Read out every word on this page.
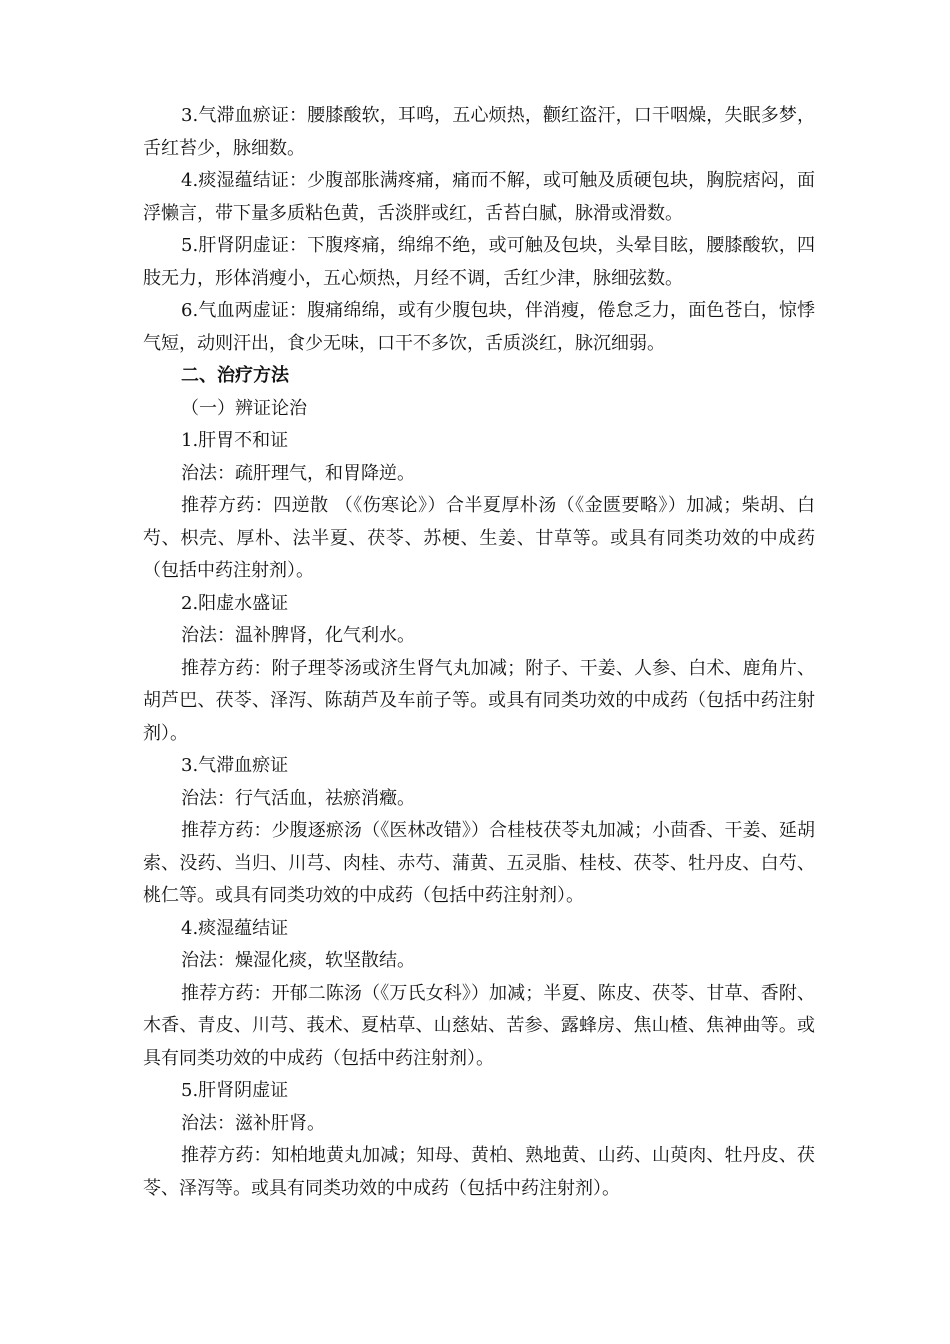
3.气滞血瘀证：腰膝酸软，耳鸣，五心烦热，颧红盗汗，口干咽燥，失眠多梦，舌红苔少，脉细数。

4.痰湿蕴结证：少腹部胀满疼痛，痛而不解，或可触及质硬包块，胸脘痞闷，面浮懒言，带下量多质粘色黄，舌淡胖或红，舌苔白腻，脉滑或滑数。

5.肝肾阴虚证：下腹疼痛，绵绵不绝，或可触及包块，头晕目眩，腰膝酸软，四肢无力，形体消瘦小，五心烦热，月经不调，舌红少津，脉细弦数。

6.气血两虚证：腹痛绵绵，或有少腹包块，伴消瘦，倦怠乏力，面色苍白，惊悸气短，动则汗出，食少无味，口干不多饮，舌质淡红，脉沉细弱。

二、治疗方法

（一）辨证论治

1.肝胃不和证

治法：疏肝理气，和胃降逆。

推荐方药：四逆散 （《伤寒论》）合半夏厚朴汤（《金匮要略》）加减；柴胡、白芍、枳壳、厚朴、法半夏、茯苓、苏梗、生姜、甘草等。或具有同类功效的中成药（包括中药注射剂）。

2.阳虚水盛证

治法：温补脾肾，化气利水。

推荐方药：附子理苓汤或济生肾气丸加减；附子、干姜、人参、白术、鹿角片、胡芦巴、茯苓、泽泻、陈葫芦及车前子等。或具有同类功效的中成药（包括中药注射剂）。

3.气滞血瘀证

治法：行气活血，祛瘀消癥。

推荐方药：少腹逐瘀汤（《医林改错》）合桂枝茯苓丸加减；小茴香、干姜、延胡索、没药、当归、川芎、肉桂、赤芍、蒲黄、五灵脂、桂枝、茯苓、牡丹皮、白芍、桃仁等。或具有同类功效的中成药（包括中药注射剂）。

4.痰湿蕴结证

治法：燥湿化痰，软坚散结。

推荐方药：开郁二陈汤（《万氏女科》）加减；半夏、陈皮、茯苓、甘草、香附、木香、青皮、川芎、莪术、夏枯草、山慈姑、苦参、露蜂房、焦山楂、焦神曲等。或具有同类功效的中成药（包括中药注射剂）。

5.肝肾阴虚证

治法：滋补肝肾。

推荐方药：知柏地黄丸加减；知母、黄柏、熟地黄、山药、山萸肉、牡丹皮、茯苓、泽泻等。或具有同类功效的中成药（包括中药注射剂）。
